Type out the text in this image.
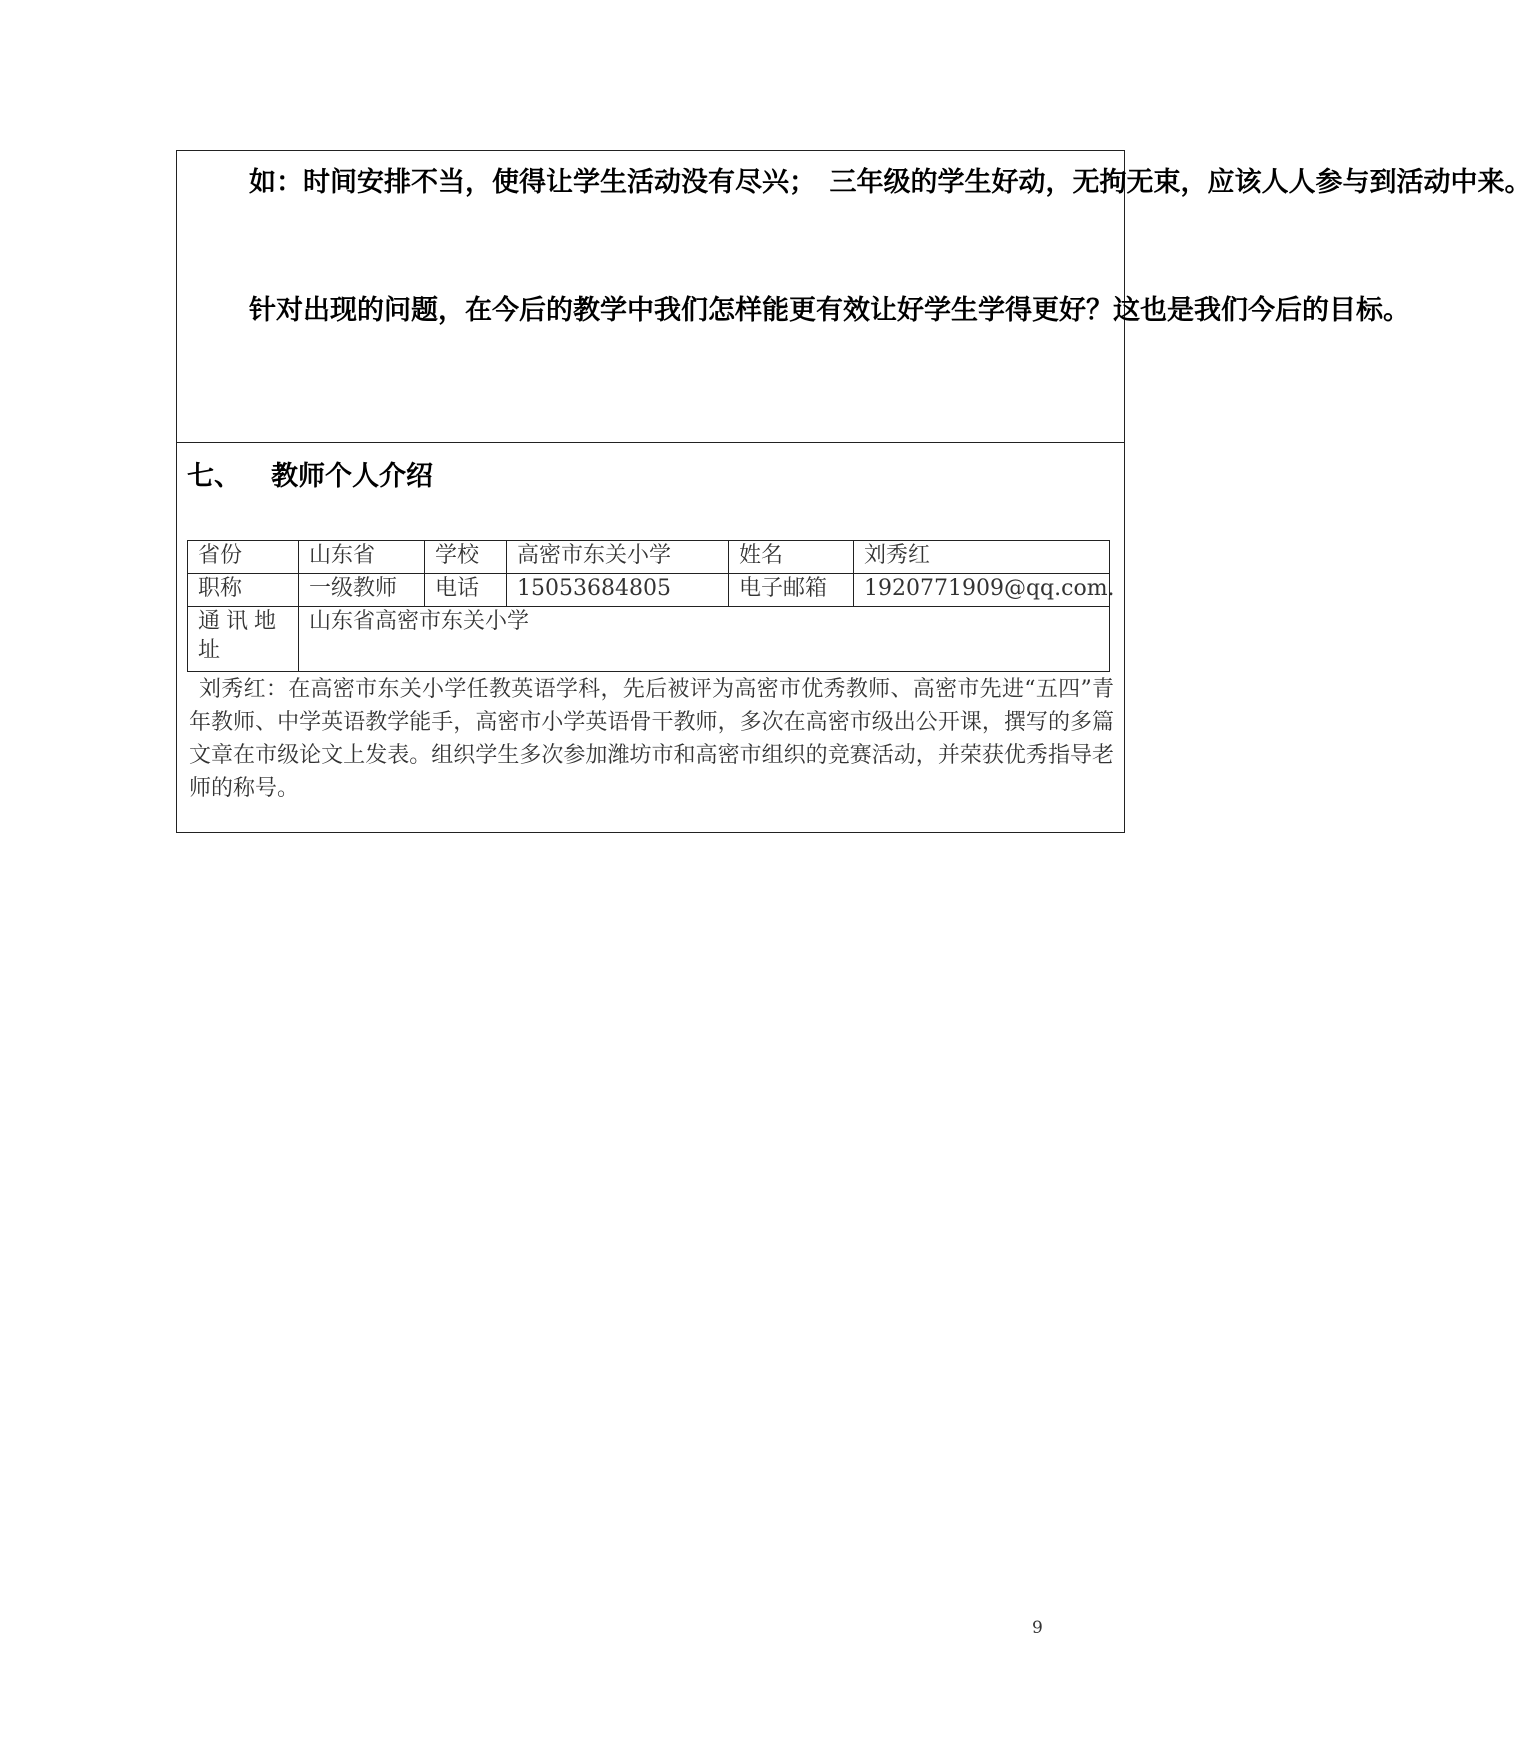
如：时间安排不当，使得让学生活动没有尽兴；　三年级的学生好动，无拘无束，应该人人参与到活动中来。
针对出现的问题，在今后的教学中我们怎样能更有效让好学生学得更好？这也是我们今后的目标。
七、 教师个人介绍
省份	山东省	学校	高密市东关小学	姓名	刘秀红
职称	一级教师	电话	15053684805	电子邮箱	1920771909@qq.com.
通讯地址	山东省高密市东关小学				
刘秀红：在高密市东关小学任教英语学科，先后被评为高密市优秀教师、高密市先进“五四”青年教师、中学英语教学能手，高密市小学英语骨干教师，多次在高密市级出公开课，撰写的多篇文章在市级论文上发表。组织学生多次参加潍坊市和高密市组织的竞赛活动，并荣获优秀指导老师的称号。
9
